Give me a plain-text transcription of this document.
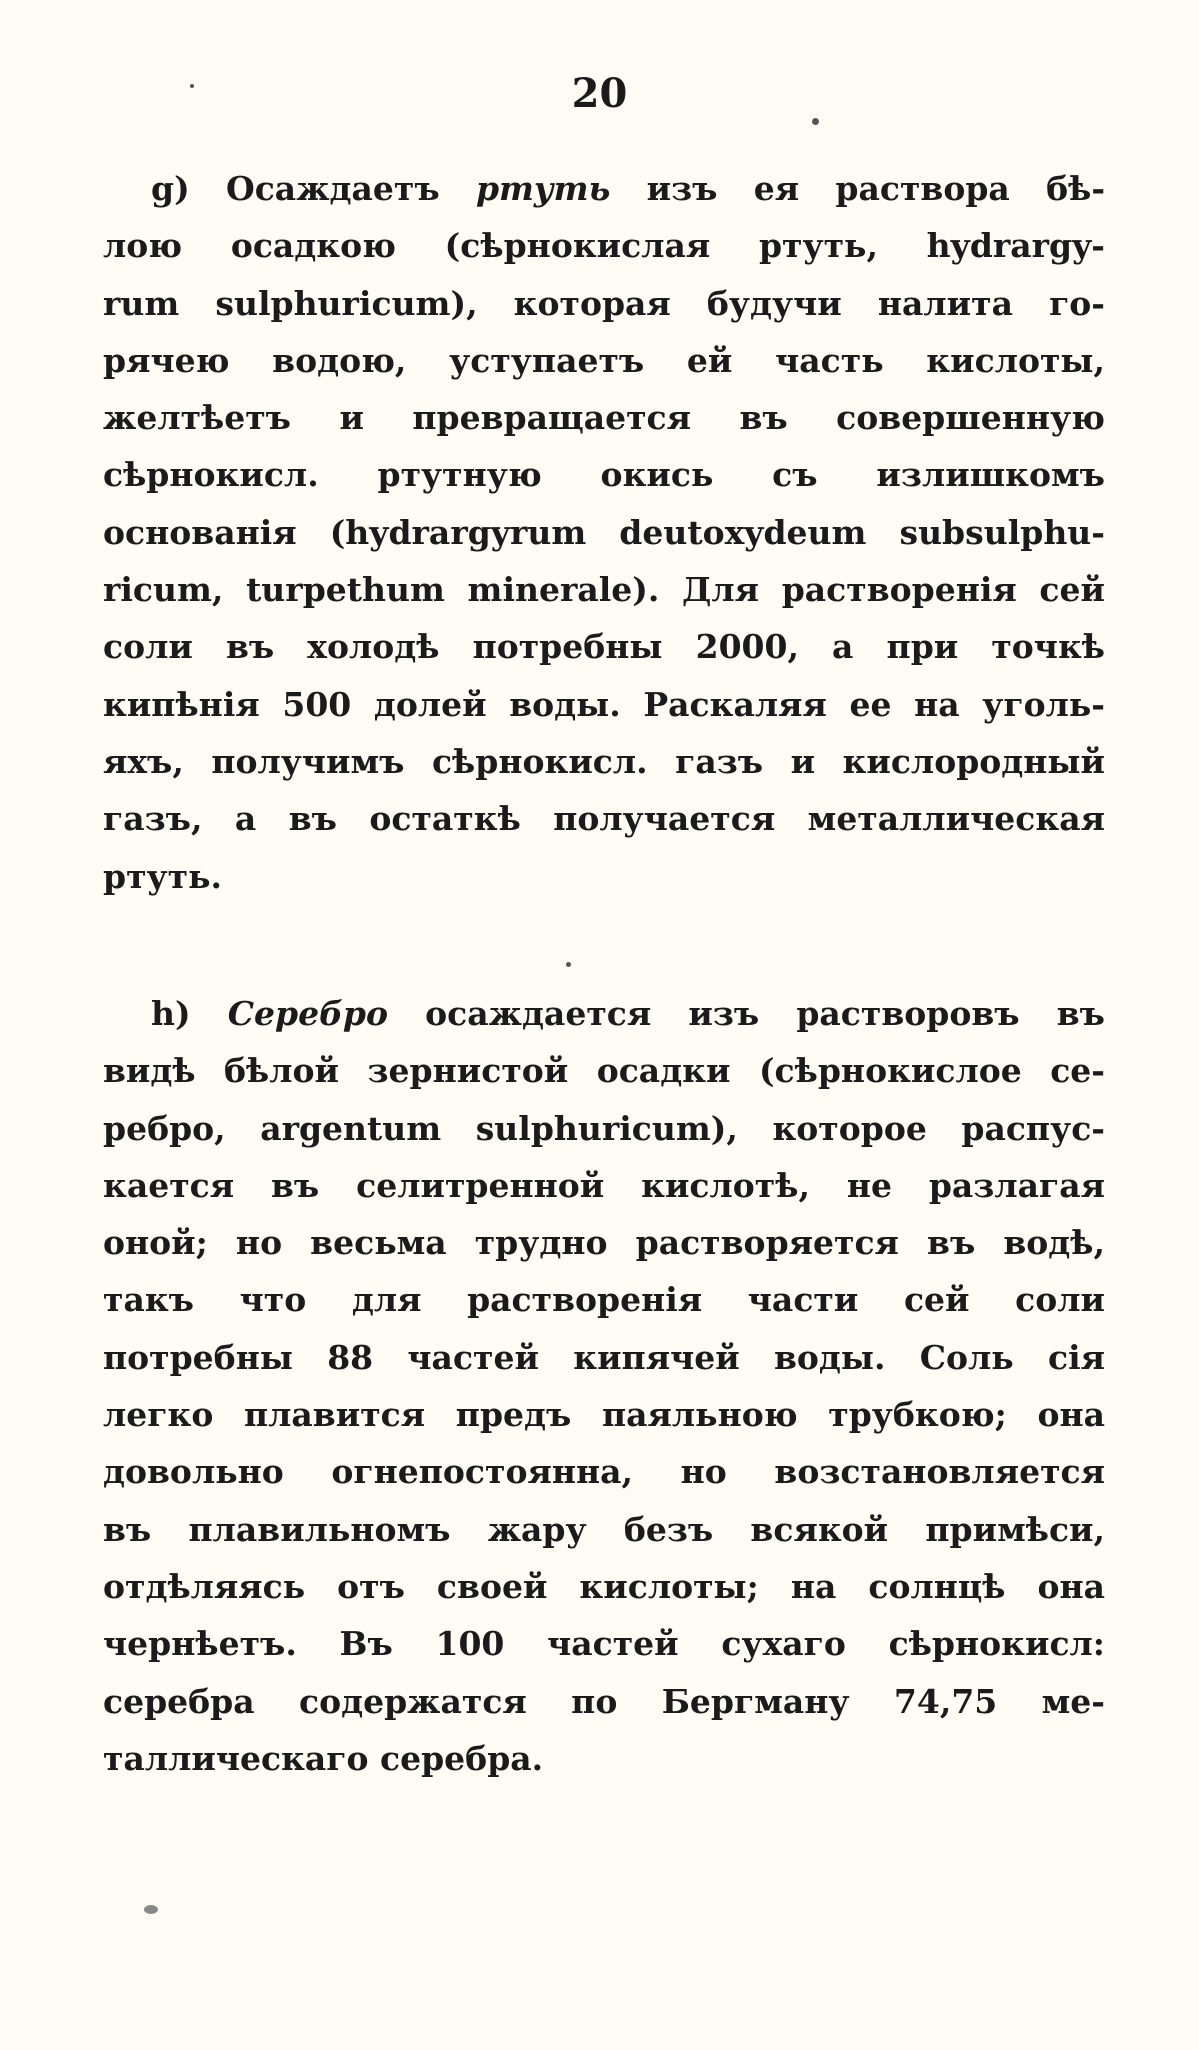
20
g) Осаждаетъ ртуть изъ ея раствора бѣ-
лою осадкою (сѣрнокислая ртуть, hydrargy-
rum sulphuricum), которая будучи налита го-
рячею водою, уступаетъ ей часть кислоты,
желтѣетъ и превращается въ совершенную
сѣрнокисл. ртутную окись съ излишкомъ
основанія (hydrargyrum deutoxydeum subsulphu-
ricum, turpethum minerale). Для растворенія сей
соли въ холодѣ потребны 2000, а при точкѣ
кипѣнія 500 долей воды. Раскаляя ее на уголь-
яхъ, получимъ сѣрнокисл. газъ и кислородный
газъ, а въ остаткѣ получается металлическая
ртуть.
h) Серебро осаждается изъ растворовъ въ
видѣ бѣлой зернистой осадки (сѣрнокислое се-
ребро, argentum sulphuricum), которое распус-
кается въ селитренной кислотѣ, не разлагая
оной; но весьма трудно растворяется въ водѣ,
такъ что для растворенія части сей соли
потребны 88 частей кипячей воды. Соль сія
легко плавится предъ паяльною трубкою; она
довольно огнепостоянна, но возстановляется
въ плавильномъ жару безъ всякой примѣси,
отдѣляясь отъ своей кислоты; на солнцѣ она
чернѣетъ. Въ 100 частей сухаго сѣрнокисл:
серебра содержатся по Бергману 74,75 ме-
таллическаго серебра.
